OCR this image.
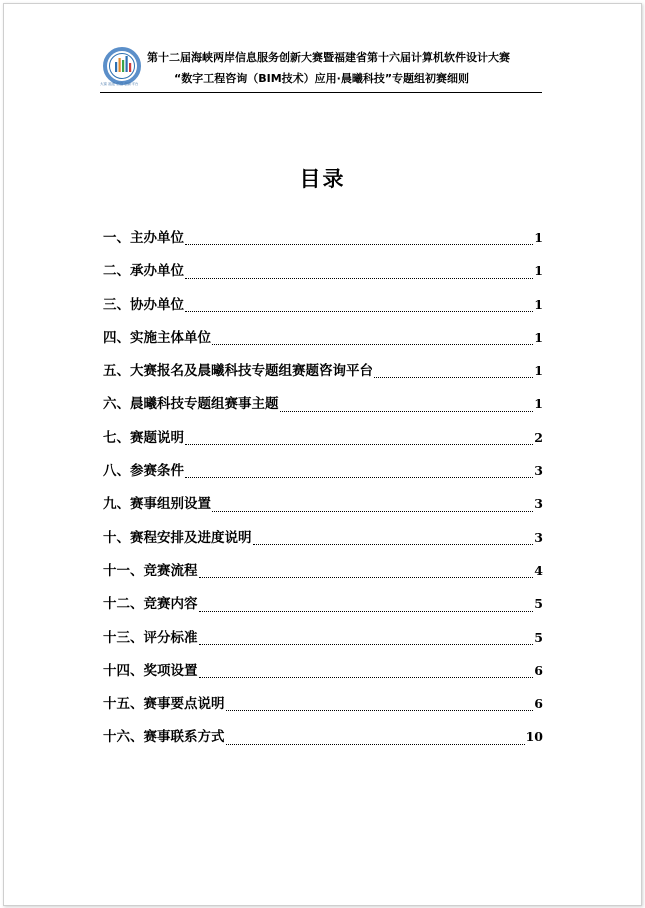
大赛 福建·信息 创新平台
第十二届海峡两岸信息服务创新大赛暨福建省第十六届计算机软件设计大赛
“数字工程咨询（BIM技术）应用·晨曦科技”专题组初赛细则
目录
一、主办单位	1
二、承办单位	1
三、协办单位	1
四、实施主体单位	1
五、大赛报名及晨曦科技专题组赛题咨询平台	1
六、晨曦科技专题组赛事主题	1
七、赛题说明	2
八、参赛条件	3
九、赛事组别设置	3
十、赛程安排及进度说明	3
十一、竞赛流程	4
十二、竞赛内容	5
十三、评分标准	5
十四、奖项设置	6
十五、赛事要点说明	6
十六、赛事联系方式	10
